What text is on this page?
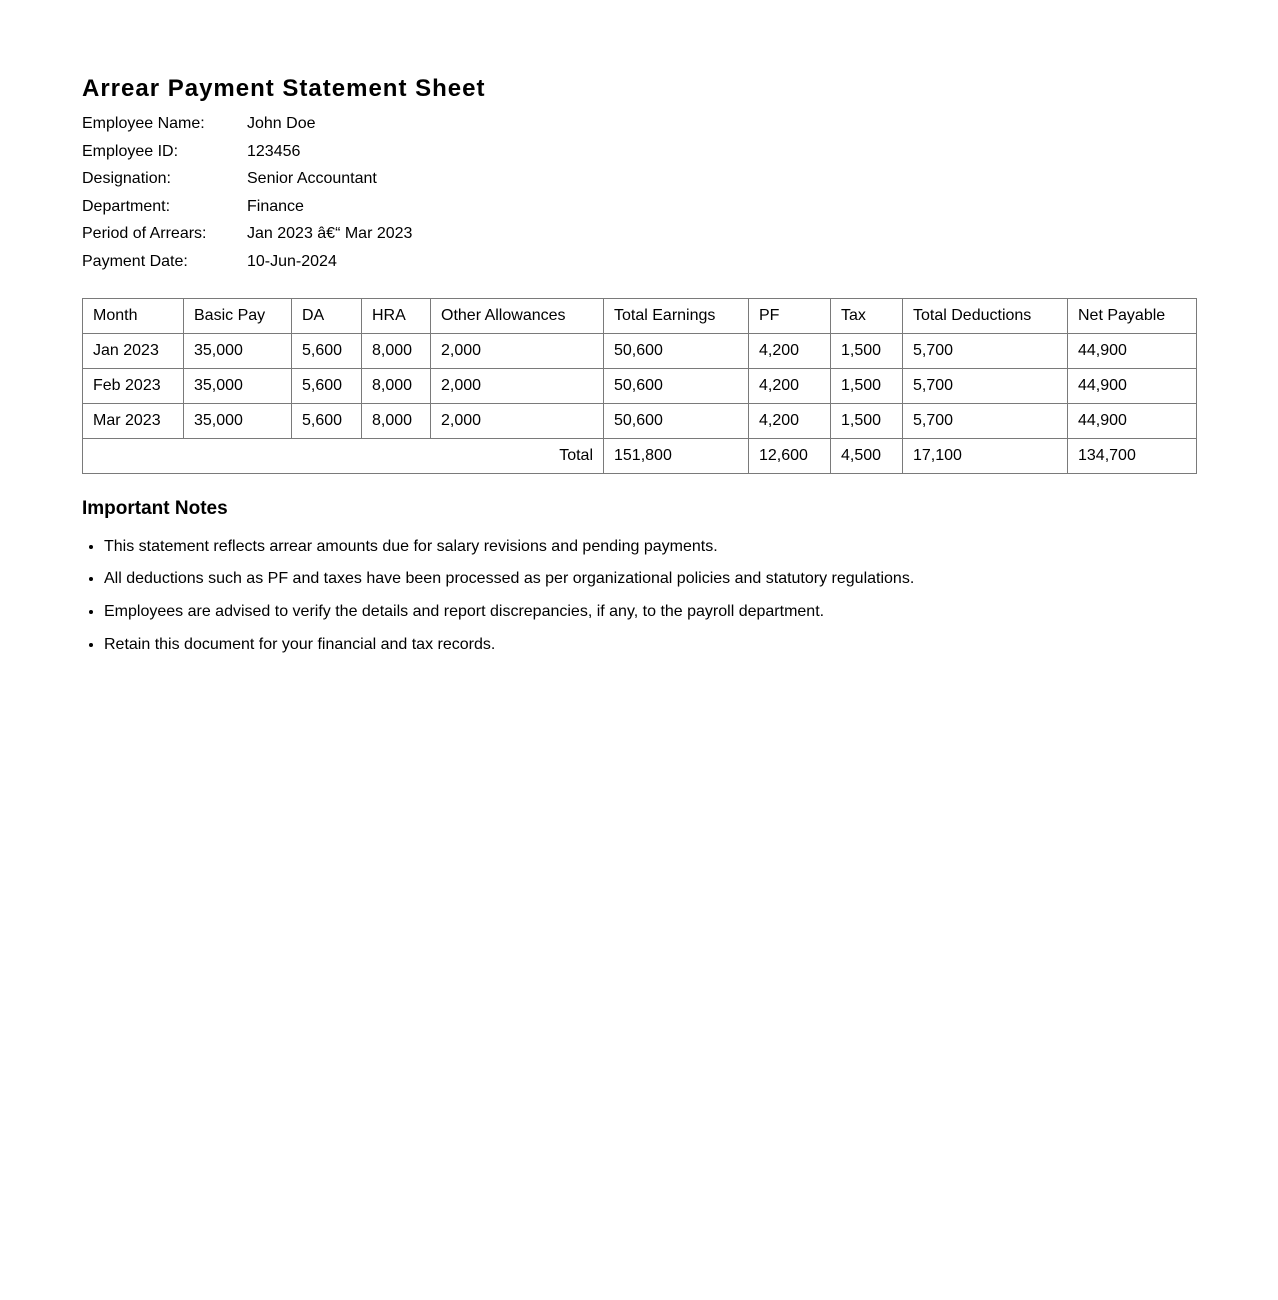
Arrear Payment Statement Sheet
Employee Name:	John Doe
Employee ID:	123456
Designation:	Senior Accountant
Department:	Finance
Period of Arrears:	Jan 2023 â€“ Mar 2023
Payment Date:	10-Jun-2024
Month	Basic Pay	DA	HRA	Other Allowances	Total Earnings	PF	Tax	Total Deductions	Net Payable
Jan 2023	35,000	5,600	8,000	2,000	50,600	4,200	1,500	5,700	44,900
Feb 2023	35,000	5,600	8,000	2,000	50,600	4,200	1,500	5,700	44,900
Mar 2023	35,000	5,600	8,000	2,000	50,600	4,200	1,500	5,700	44,900
Total					151,800	12,600	4,500	17,100	134,700
Important Notes
• This statement reflects arrear amounts due for salary revisions and pending payments.
• All deductions such as PF and taxes have been processed as per organizational policies and statutory regulations.
• Employees are advised to verify the details and report discrepancies, if any, to the payroll department.
• Retain this document for your financial and tax records.
